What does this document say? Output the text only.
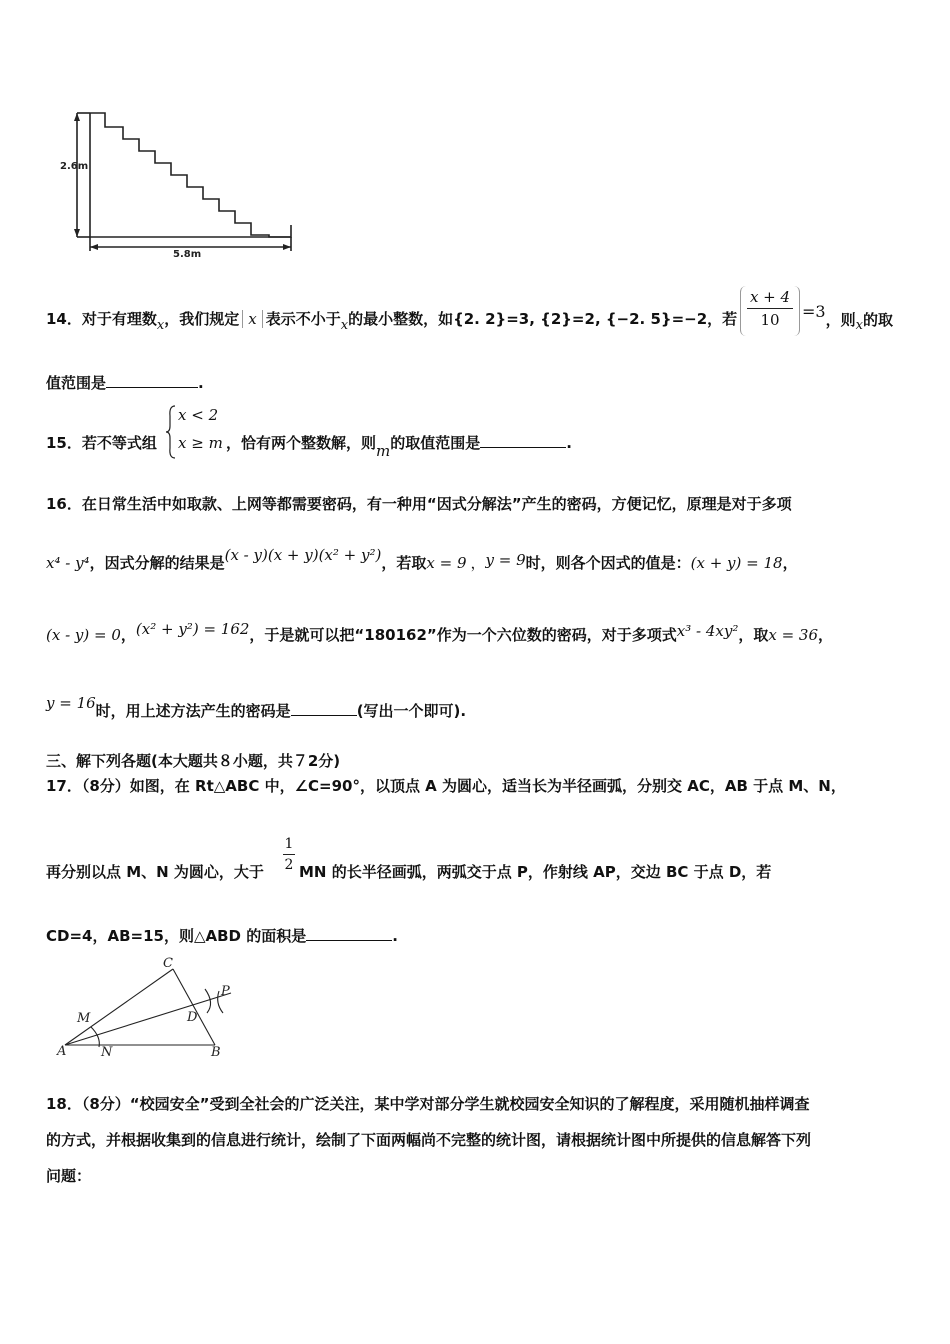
2.6m
5.8m
14．对于有理数x，我们规定 x 表示不小于x的最小整数，如{2. 2}=3, {2}=2, {−2. 5}=−2，若
x + 4
10	=3，则x的取
值范围是	.
15．若不等式组
x < 2
x ≥ m ，恰有两个整数解，则m的取值范围是	.
16．在日常生活中如取款、上网等都需要密码，有一种用“因式分解法”产生的密码，方便记忆，原理是对于多项
x⁴ - y⁴，因式分解的结果是(x - y)(x + y)(x² + y²)，若取x = 9 ，y = 9时，则各个因式的值是：(x + y) = 18，
(x - y) = 0，(x² + y²) = 162，于是就可以把“180162”作为一个六位数的密码，对于多项式x³ - 4xy²，取x = 36，
y = 16时，用上述方法产生的密码是	(写出一个即可).
三、解下列各题(本大题共８小题，共７2分)
17．（8分）如图，在 Rt△ABC 中，∠C=90°，以顶点 A 为圆心，适当长为半径画弧，分别交 AC，AB 于点 M、N，
再分别以点 M、N 为圆心，大于
1
2 MN 的长半径画弧，两弧交于点 P，作射线 AP，交边 BC 于点 D，若
CD=4，AB=15，则△ABD 的面积是	.
C
P
M	D
A	N	B
18．（8分）“校园安全”受到全社会的广泛关注，某中学对部分学生就校园安全知识的了解程度，采用随机抽样调查
的方式，并根据收集到的信息进行统计，绘制了下面两幅尚不完整的统计图，请根据统计图中所提供的信息解答下列
问题：
